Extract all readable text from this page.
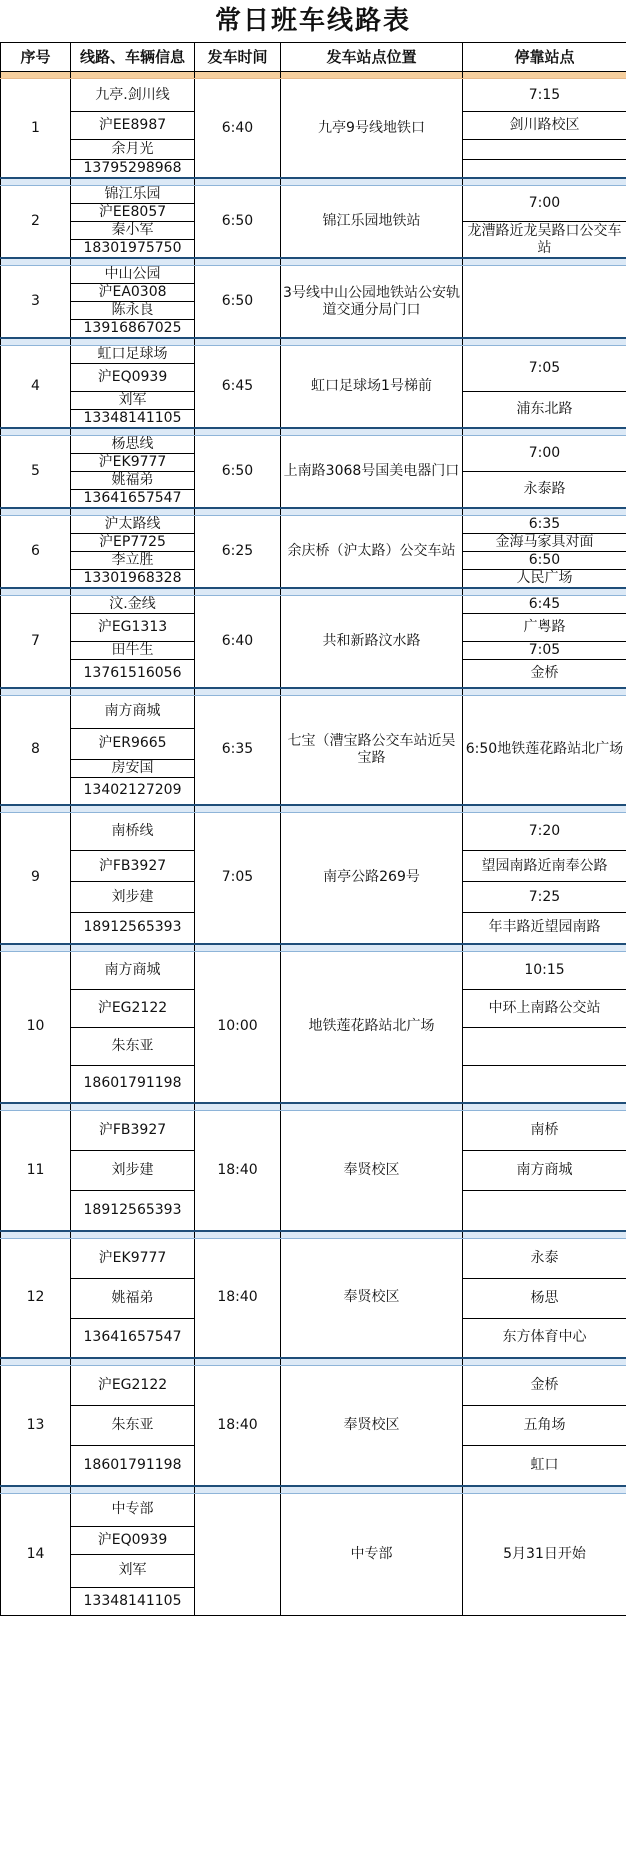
常日班车线路表
序号	线路、车辆信息	发车时间	发车站点位置	停靠站点

1	九亭.剑川线	6:40	九亭9号线地铁口	7:15
	沪EE8987			剑川路校区
	余月光			
	13795298968			

2	锦江乐园	6:50	锦江乐园地铁站	7:00
	沪EE8057			
	秦小军			龙漕路近龙吴路口公交车站
	18301975750			

3	中山公园	6:50	3号线中山公园地铁站公安轨道交通分局门口	
	沪EA0308			
	陈永良			
	13916867025			

4	虹口足球场	6:45	虹口足球场1号梯前	7:05
	沪EQ0939			
	刘军			浦东北路
	13348141105			

5	杨思线	6:50	上南路3068号国美电器门口	7:00
	沪EK9777			
	姚福弟			永泰路
	13641657547			

6	沪太路线	6:25	余庆桥（沪太路）公交车站	6:35
	沪EP7725			金海马家具对面
	李立胜			6:50
	13301968328			人民广场

7	汶.金线	6:40	共和新路汶水路	6:45
	沪EG1313			广粤路
	田牛生			7:05
	13761516056			金桥

8	南方商城	6:35	七宝（漕宝路公交车站近吴宝路	6:50地铁莲花路站北广场
	沪ER9665			
	房安国			
	13402127209			

9	南桥线	7:05	南亭公路269号	7:20
	沪FB3927			望园南路近南奉公路
	刘步建			7:25
	18912565393			年丰路近望园南路

10	南方商城	10:00	地铁莲花路站北广场	10:15
	沪EG2122			中环上南路公交站
	朱东亚			
	18601791198			

11	沪FB3927	18:40	奉贤校区	南桥
	刘步建			南方商城
	18912565393			

12	沪EK9777	18:40	奉贤校区	永泰
	姚福弟			杨思
	13641657547			东方体育中心

13	沪EG2122	18:40	奉贤校区	金桥
	朱东亚			五角场
	18601791198			虹口

14	中专部		中专部	5月31日开始
	沪EQ0939			
	刘军			
	13348141105			
